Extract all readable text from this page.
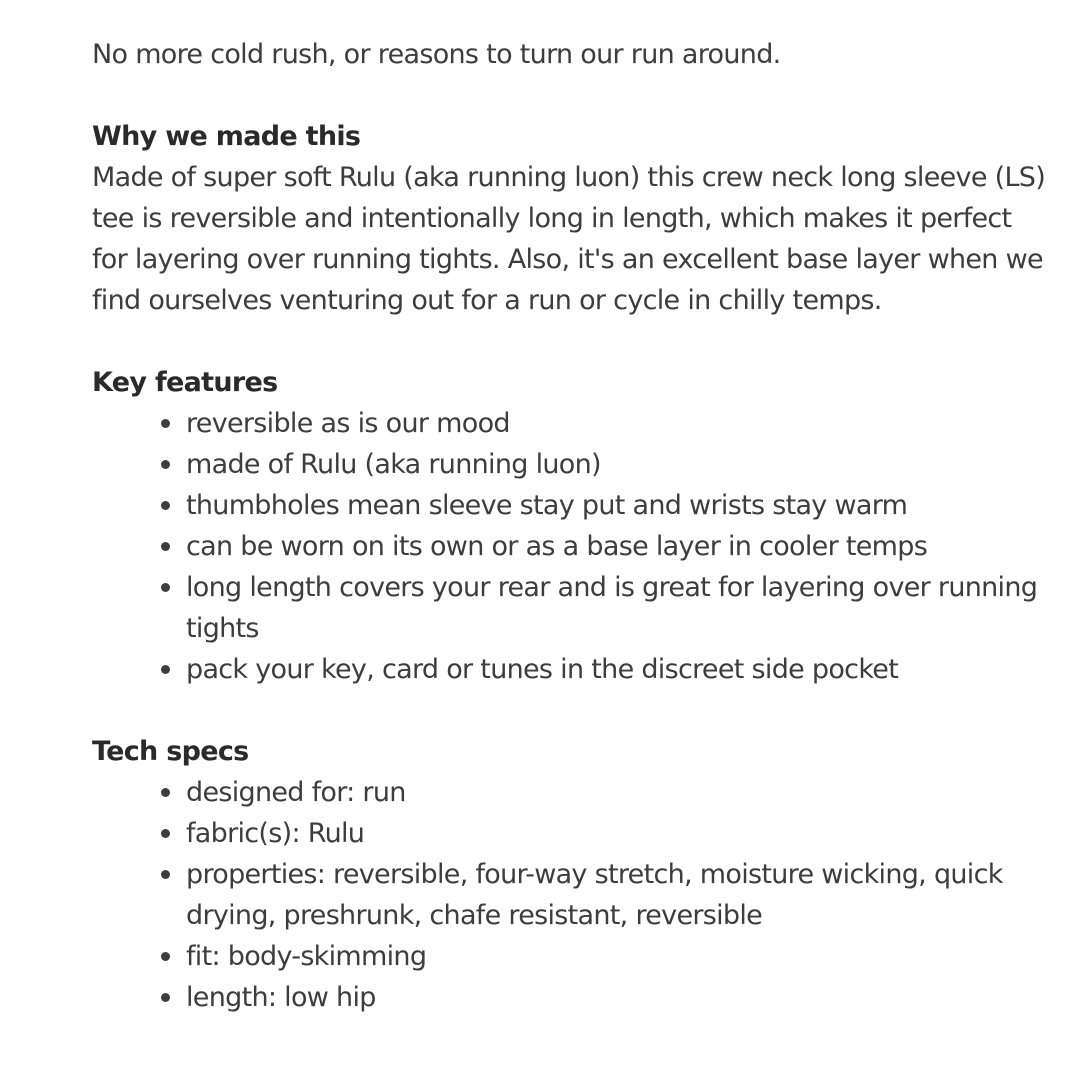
No more cold rush, or reasons to turn our run around.

Why we made this

Made of super soft Rulu (aka running luon) this crew neck long sleeve (LS) tee is reversible and intentionally long in length, which makes it perfect for layering over running tights. Also, it's an excellent base layer when we find ourselves venturing out for a run or cycle in chilly temps.

Key features
reversible as is our mood
made of Rulu (aka running luon)
thumbholes mean sleeve stay put and wrists stay warm
can be worn on its own or as a base layer in cooler temps
long length covers your rear and is great for layering over running tights
pack your key, card or tunes in the discreet side pocket
Tech specs
designed for: run
fabric(s): Rulu
properties: reversible, four-way stretch, moisture wicking, quick drying, preshrunk, chafe resistant, reversible
fit: body-skimming
length: low hip
